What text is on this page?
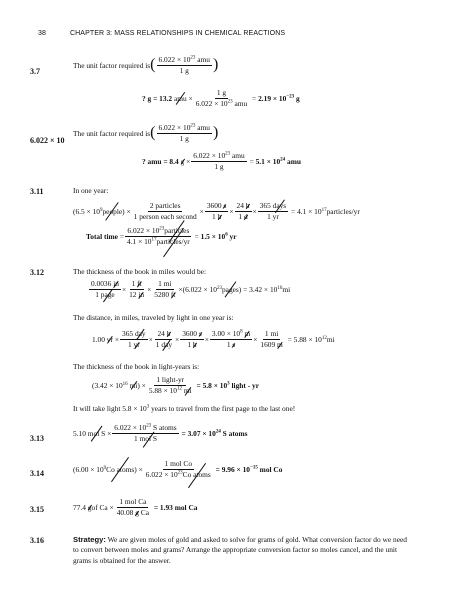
38	CHAPTER 3: MASS RELATIONSHIPS IN CHEMICAL REACTIONS
3.7
The unit factor required is ( $\frac{6.022 \times 10^{23} amu}{1 g}$ )
? g = 13.2
amu
× $\frac{1 g}{6.022 \times 10^{23} amu}$
=
$2.19 \times 10^{-23}$ g
6.022 × 10
The unit factor required is ( $\frac{6.022 \times 10^{23} amu}{1 g}$ )
? amu = 8.4
g
× $\frac{6.022 \times 10^{23} amu}{1 g}$
=
$5.1 \times 10^{24}$ amu
3.11	In one year:
(6.5 × 10 9 people ) × $\frac{\text{2 particles}}{\text{1 person each second}} \times \frac{3600 s}{1 h} \times \frac{24 h}{1 d} \times \frac{\text{365 days}}{1 yr}$
= 4.1 × 10 17 particles/yr
Total time
= $\frac{6.022 \times 10^{23}particles}{4.1 \times 10^{17}particles/yr}$
=
$1.5 \times 10^6$ yr
3.12	The thickness of the book in miles would be:
$\frac{0.0036 in}{\text{1 page}} \times \frac{1 ft}{12 in} \times \frac{1 mi}{5280 ft} \times (6.022 \times 10$ 23 pages )
= 3.42 × 10 16 mi
The distance, in miles, traveled by light in one year is:
1.00
yr × $\frac{\text{365 day}}{1 yr} \times \frac{24 h}{\text{1 day}} \times \frac{3600 s}{1 h} \times \frac{3.00 \times 10^8 m}{1 s} \times \frac{1 mi}{1609 m}$
= 5.88 × 10 12 mi
The thickness of the book in light-years is:
(3.42 × 10 16
mi ) × $\frac{\text{1 light-yr}}{5.88 \times 10^{12} mi}$
= $5.8 \times 10^3$ light - yr
It will take light $5.8 \times 10^3$ years to travel from the first page to the last one!
3.13
5.10
mol S
× $\frac{6.022 \times 10^{23} S atoms}{\text{1 mol S}}$
= $3.07 \times 10^{24}$ S atoms
3.14	(6.00 × 10 9 Co atoms ) × $\frac{\text{1 mol Co}}{6.022 \times 10^{23}Co atoms}$
= $9.96 \times 10^{-15}$ mol Co
3.15	77.4
g of $Ca \times \frac{\text{1 mol Ca}}{\text{40.08 g Ca}}$
= 1.93 mol Ca
3.16	Strategy: We are given moles of gold and asked to solve for grams of gold. What conversion factor do we need to convert between moles and grams? Arrange the appropriate conversion factor so moles cancel, and the unit grams is obtained for the answer.
